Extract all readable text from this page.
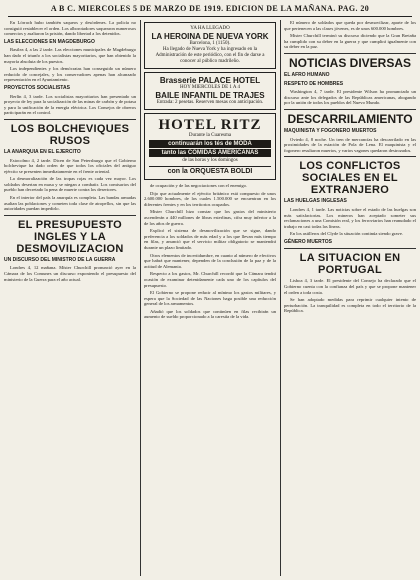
A B C. MIERCOLES 5 DE MARZO DE 1919. EDICION DE LA MAÑANA. PAG. 20

En Lörrach hubo también saqueos y desórdenes. La policía no consiguió restablecer el orden. Los alborotadores saquearon numerosos comercios y asaltaron la prisión, dando libertad a los detenidos.

LAS ELECCIONES EN MAGDEBURGO

Basilea 4, a las 2 tarde. Las elecciones municipales de Magdeburgo han dado el triunfo a los socialistas mayoritarios, que han obtenido la mayoría absoluta de los puestos.

Los independientes y los demócratas han conseguido un número reducido de concejales, y los conservadores apenas han alcanzado representación en el Ayuntamiento.

PROYECTOS SOCIALISTAS

Berlín 4, 3 tarde. Los socialistas mayoritarios han presentado un proyecto de ley para la socialización de las minas de carbón y de potasa y para la unificación de la energía eléctrica. Los Consejos de obreros participarán en el control.

LOS BOLCHEVIQUES RUSOS
LA ANARQUIA EN EL EJERCITO

Estocolmo 4, 2 tarde. Dicen de San Petersburgo que el Gobierno bolchevique ha dado orden de que todos los oficiales del antiguo ejército se presenten inmediatamente en el frente oriental.

La desmoralización de las tropas rojas es cada vez mayor. Los soldados desertan en masa y se niegan a combatir. Los comisarios del pueblo han decretado la pena de muerte contra los desertores.

En el interior del país la anarquía es completa. Las bandas armadas asaltan las poblaciones y cometen toda clase de atropellos, sin que las autoridades puedan impedirlo.

EL PRESUPUESTO INGLES Y LA DESMOVILIZACION
UN DISCURSO DEL MINISTRO DE LA GUERRA

Londres 4, 12 mañana. Míster Churchill pronunció ayer en la Cámara de los Comunes un discurso exponiendo el presupuesto del ministerio de la Guerra para el año actual.

YA HA LLEGADO
LA HEROINA DE NUEVA YORK
Barcelona, 1 (1150).
Ha llegado de Nueva York y ha ingresado en la Administración de este periódico, con el fin de darse a conocer al público madrileño.
Brasserie PALACE HOTEL
HOY MIERCOLES DE 1 A 4
BAILE INFANTIL DE TRAJES
Entrada: 2 pesetas. Reserven mesas con anticipación.
HOTEL RITZ
Durante la Cuaresma
continuarán los tés de MODA
tanto las COMIDAS AMERICANAS
de las horas y los domingos
con la ORQUESTA BOLDI

de ocupación y de las negociaciones con el enemigo.

Dijo que actualmente el ejército británico está compuesto de unos 2.600.000 hombres, de los cuales 1.500.000 se encuentran en los diferentes frentes y en los territorios ocupados.

Mister Churchill hizo constar que los gastos del ministerio ascenderán a 440 millones de libras esterlinas, cifra muy inferior a la de los años de guerra.

Explicó el sistema de desmovilización que se sigue, dando preferencia a los soldados de más edad y a los que llevan más tiempo en filas, y anunció que el servicio militar obligatorio se mantendrá durante un plazo limitado.

Otros elementos de incertidumbre, en cuanto al número de efectivos que habrá que mantener, dependen de la conclusión de la paz y de la actitud de Alemania.

Respecto a los gastos, Mr. Churchill recordó que la Cámara tendrá ocasión de examinar detenidamente cada uno de los capítulos del presupuesto.

El Gobierno se propone reducir al mínimo los gastos militares, y espera que la Sociedad de las Naciones haga posible una reducción general de los armamentos.

Añadió que los soldados que continúen en filas recibirán un aumento de sueldo proporcionado a la carestía de la vida.

El número de soldados que queda por desmovilizar, aparte de los que pertenecen a las clases jóvenes, es de unos 600.000 hombres.

Mister Churchill terminó su discurso diciendo que la Gran Bretaña ha cumplido con su deber en la guerra y que cumplirá igualmente con su deber en la paz.

NOTICIAS DIVERSAS
EL AFRO HUMANO
RESPETO DE HOMBRES

Washington 4, 7 tarde. El presidente Wilson ha pronunciado un discurso ante los delegados de las Repúblicas americanas, abogando por la unión de todos los pueblos del Nuevo Mundo.

DESCARRILAMIENTO
MAQUINISTA Y FOGONERO MUERTOS

Oviedo 4, 8 noche. Un tren de mercancías ha descarrilado en las proximidades de la estación de Pola de Lena. El maquinista y el fogonero resultaron muertos, y varios vagones quedaron destrozados.

LOS CONFLICTOS SOCIALES EN EL EXTRANJERO
LAS HUELGAS INGLESAS

Londres 4, 1 tarde. Las noticias sobre el estado de las huelgas son más satisfactorias. Los mineros han aceptado someter sus reclamaciones a una Comisión real, y los ferroviarios han reanudado el trabajo en casi todas las líneas.

En los astilleros del Clyde la situación continúa siendo grave.

GÉNERO MUERTOS
LA SITUACION EN PORTUGAL

Lisboa 4, 3 tarde. El presidente del Consejo ha declarado que el Gobierno cuenta con la confianza del país y que se propone mantener el orden a toda costa.

Se han adoptado medidas para reprimir cualquier intento de perturbación. La tranquilidad es completa en todo el territorio de la República.
